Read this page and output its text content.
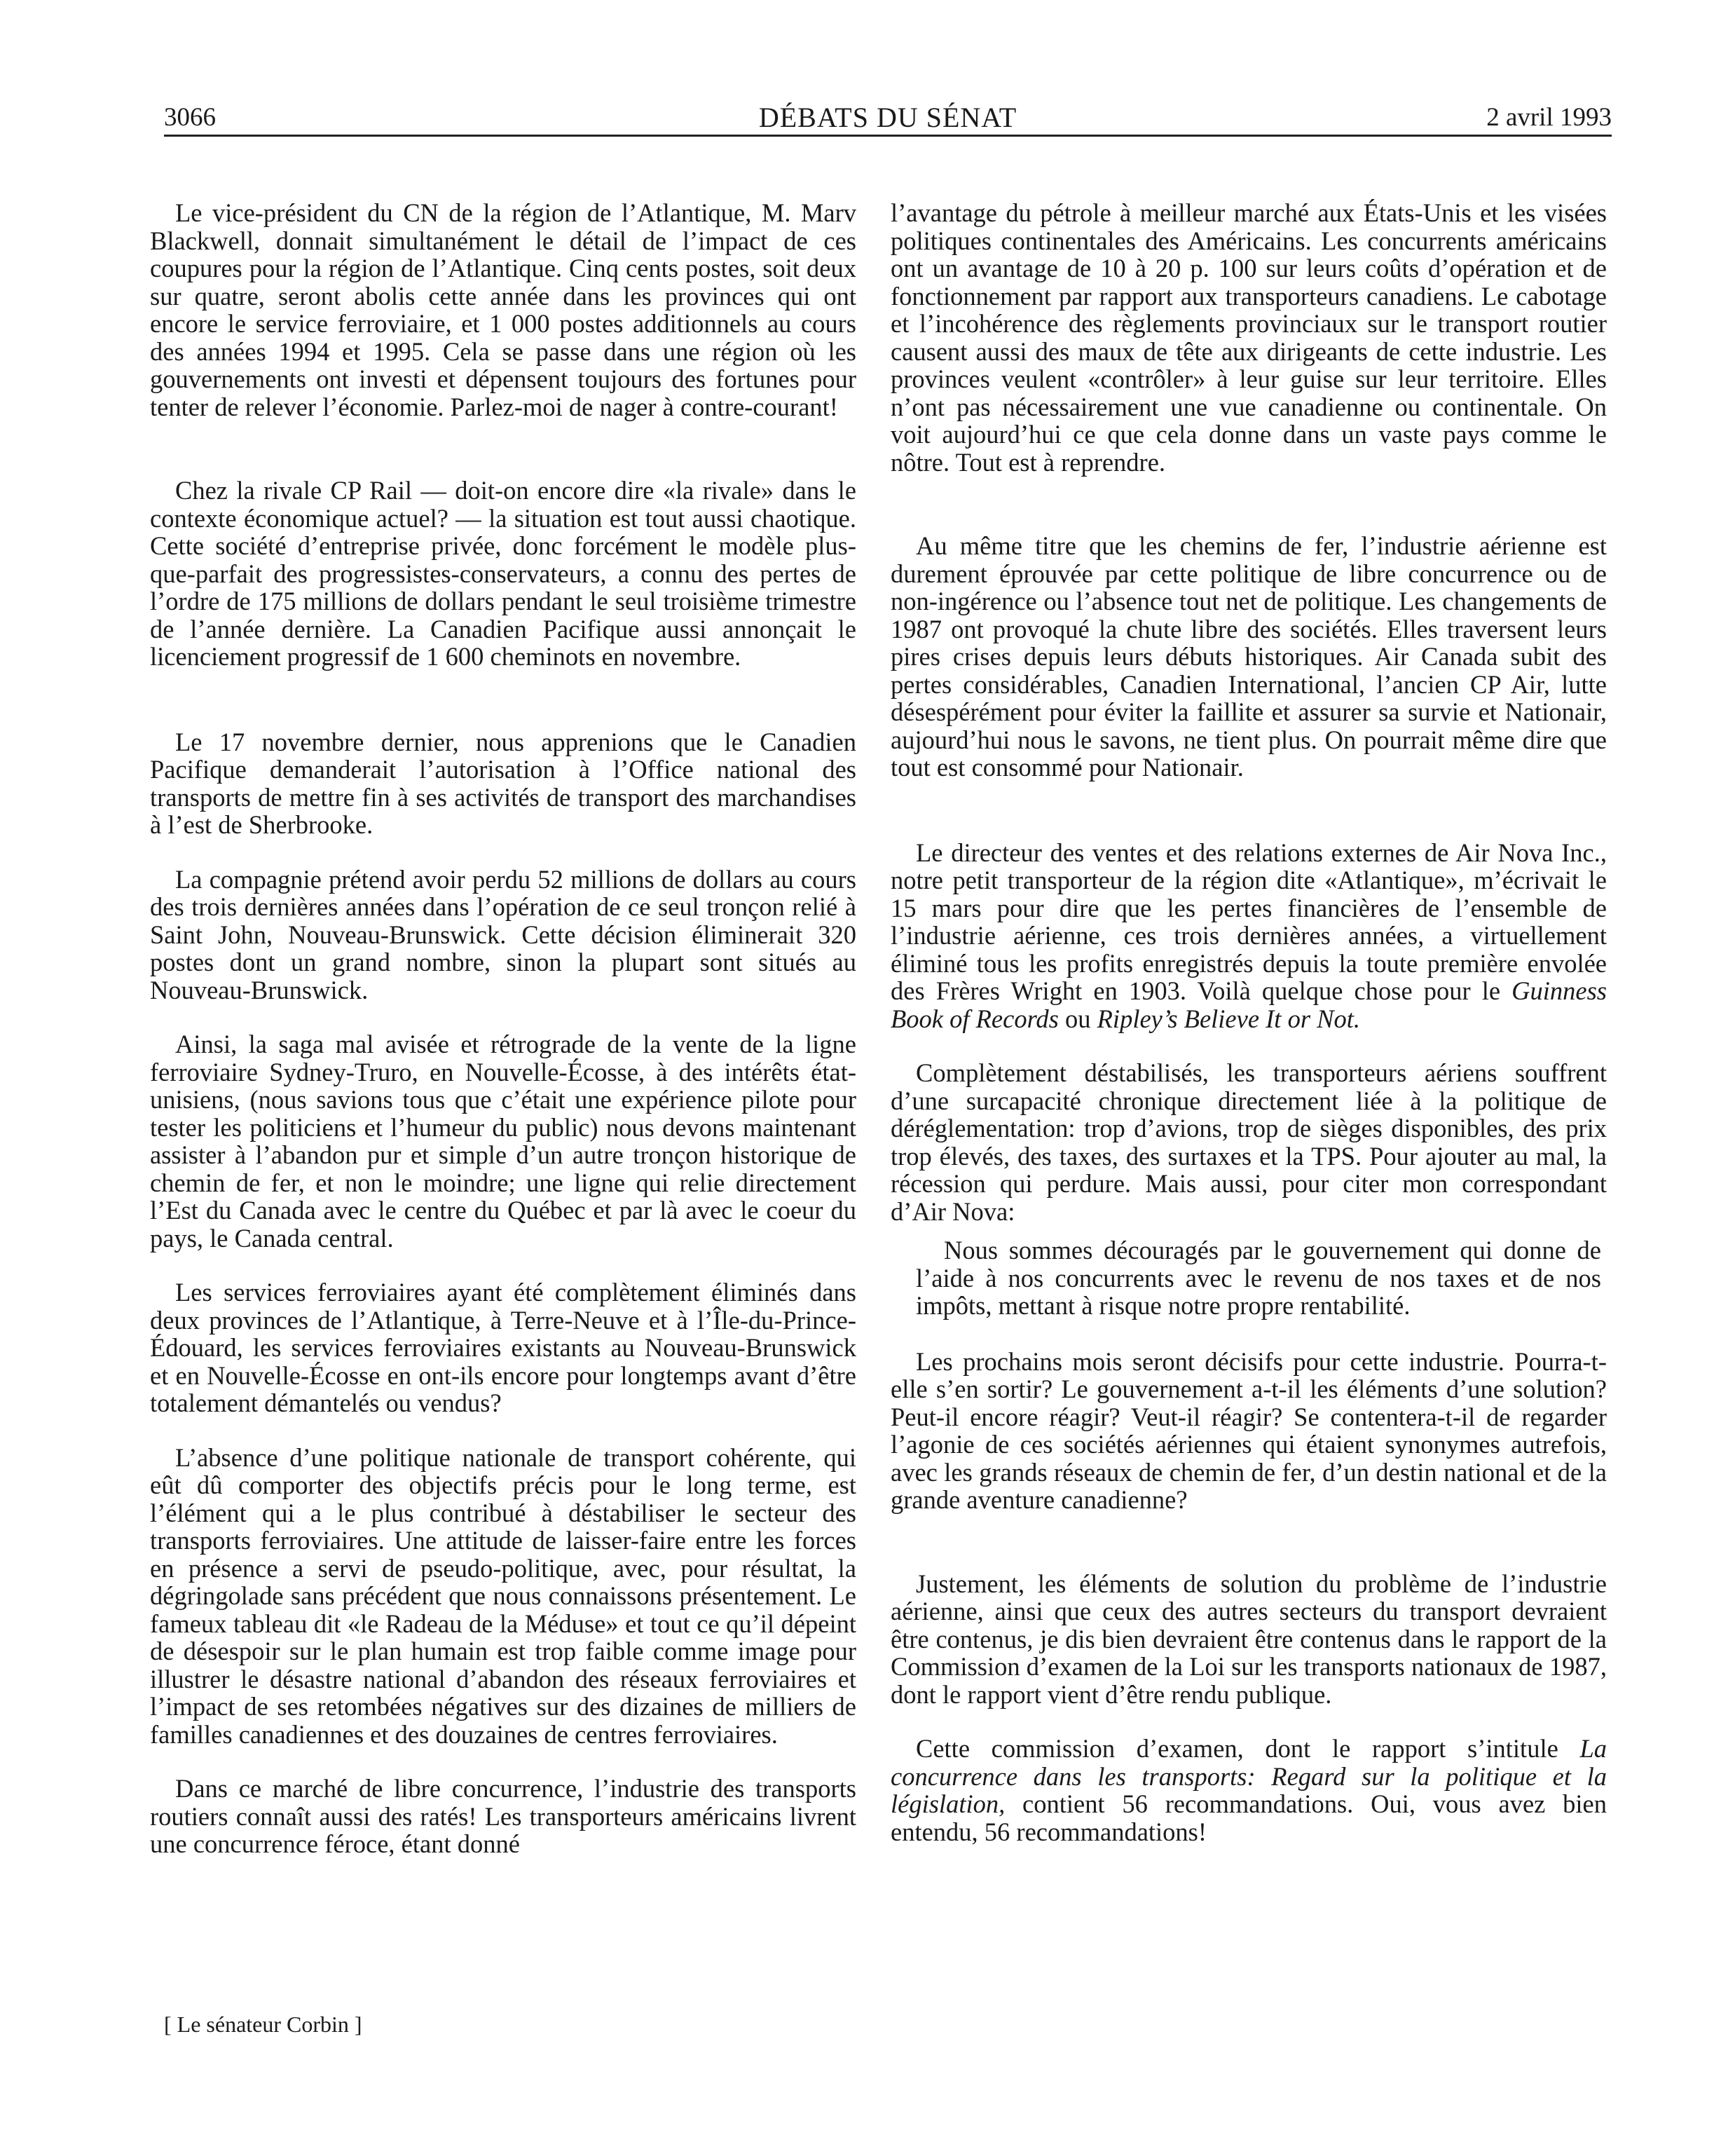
3066	DÉBATS DU SÉNAT	2 avril 1993

Le vice-président du CN de la région de l’Atlantique, M. Marv Blackwell, donnait simultanément le détail de l’impact de ces coupures pour la région de l’Atlantique. Cinq cents postes, soit deux sur quatre, seront abolis cette année dans les provinces qui ont encore le service ferroviaire, et 1 000 postes additionnels au cours des années 1994 et 1995. Cela se passe dans une région où les gouvernements ont investi et dépensent toujours des fortunes pour tenter de relever l’économie. Parlez-moi de nager à contre-courant!

Chez la rivale CP Rail — doit-on encore dire «la rivale» dans le contexte économique actuel? — la situation est tout aussi chaotique. Cette société d’entreprise privée, donc forcément le modèle plus-que-parfait des progressistes-conservateurs, a connu des pertes de l’ordre de 175 millions de dollars pendant le seul troisième trimestre de l’année dernière. La Canadien Pacifique aussi annonçait le licenciement progressif de 1 600 cheminots en novembre.

Le 17 novembre dernier, nous apprenions que le Canadien Pacifique demanderait l’autorisation à l’Office national des transports de mettre fin à ses activités de transport des marchandises à l’est de Sherbrooke.

La compagnie prétend avoir perdu 52 millions de dollars au cours des trois dernières années dans l’opération de ce seul tronçon relié à Saint John, Nouveau-Brunswick. Cette décision éliminerait 320 postes dont un grand nombre, sinon la plupart sont situés au Nouveau-Brunswick.

Ainsi, la saga mal avisée et rétrograde de la vente de la ligne ferroviaire Sydney-Truro, en Nouvelle-Écosse, à des intérêts état-unisiens, (nous savions tous que c’était une expérience pilote pour tester les politiciens et l’humeur du public) nous devons maintenant assister à l’abandon pur et simple d’un autre tronçon historique de chemin de fer, et non le moindre; une ligne qui relie directement l’Est du Canada avec le centre du Québec et par là avec le coeur du pays, le Canada central.

Les services ferroviaires ayant été complètement éliminés dans deux provinces de l’Atlantique, à Terre-Neuve et à l’Île-du-Prince-Édouard, les services ferroviaires existants au Nouveau-Brunswick et en Nouvelle-Écosse en ont-ils encore pour longtemps avant d’être totalement démantelés ou vendus?

L’absence d’une politique nationale de transport cohérente, qui eût dû comporter des objectifs précis pour le long terme, est l’élément qui a le plus contribué à déstabiliser le secteur des transports ferroviaires. Une attitude de laisser-faire entre les forces en présence a servi de pseudo-politique, avec, pour résultat, la dégringolade sans précédent que nous connaissons présentement. Le fameux tableau dit «le Radeau de la Méduse» et tout ce qu’il dépeint de désespoir sur le plan humain est trop faible comme image pour illustrer le désastre national d’abandon des réseaux ferroviaires et l’impact de ses retombées négatives sur des dizaines de milliers de familles canadiennes et des douzaines de centres ferroviaires.

Dans ce marché de libre concurrence, l’industrie des transports routiers connaît aussi des ratés! Les transporteurs américains livrent une concurrence féroce, étant donné

l’avantage du pétrole à meilleur marché aux États-Unis et les visées politiques continentales des Américains. Les concurrents américains ont un avantage de 10 à 20 p. 100 sur leurs coûts d’opération et de fonctionnement par rapport aux transporteurs canadiens. Le cabotage et l’incohérence des règlements provinciaux sur le transport routier causent aussi des maux de tête aux dirigeants de cette industrie. Les provinces veulent «contrôler» à leur guise sur leur territoire. Elles n’ont pas nécessairement une vue canadienne ou continentale. On voit aujourd’hui ce que cela donne dans un vaste pays comme le nôtre. Tout est à reprendre.

Au même titre que les chemins de fer, l’industrie aérienne est durement éprouvée par cette politique de libre concurrence ou de non-ingérence ou l’absence tout net de politique. Les changements de 1987 ont provoqué la chute libre des sociétés. Elles traversent leurs pires crises depuis leurs débuts historiques. Air Canada subit des pertes considérables, Canadien International, l’ancien CP Air, lutte désespérément pour éviter la faillite et assurer sa survie et Nationair, aujourd’hui nous le savons, ne tient plus. On pourrait même dire que tout est consommé pour Nationair.

Le directeur des ventes et des relations externes de Air Nova Inc., notre petit transporteur de la région dite «Atlantique», m’écrivait le 15 mars pour dire que les pertes financières de l’ensemble de l’industrie aérienne, ces trois dernières années, a virtuellement éliminé tous les profits enregistrés depuis la toute première envolée des Frères Wright en 1903. Voilà quelque chose pour le Guinness Book of Records ou Ripley’s Believe It or Not.

Complètement déstabilisés, les transporteurs aériens souffrent d’une surcapacité chronique directement liée à la politique de déréglementation: trop d’avions, trop de sièges disponibles, des prix trop élevés, des taxes, des surtaxes et la TPS. Pour ajouter au mal, la récession qui perdure. Mais aussi, pour citer mon correspondant d’Air Nova:

Nous sommes découragés par le gouvernement qui donne de l’aide à nos concurrents avec le revenu de nos taxes et de nos impôts, mettant à risque notre propre rentabilité.

Les prochains mois seront décisifs pour cette industrie. Pourra-t-elle s’en sortir? Le gouvernement a-t-il les éléments d’une solution? Peut-il encore réagir? Veut-il réagir? Se contentera-t-il de regarder l’agonie de ces sociétés aériennes qui étaient synonymes autrefois, avec les grands réseaux de chemin de fer, d’un destin national et de la grande aventure canadienne?

Justement, les éléments de solution du problème de l’industrie aérienne, ainsi que ceux des autres secteurs du transport devraient être contenus, je dis bien devraient être contenus dans le rapport de la Commission d’examen de la Loi sur les transports nationaux de 1987, dont le rapport vient d’être rendu publique.

Cette commission d’examen, dont le rapport s’intitule La concurrence dans les transports: Regard sur la politique et la législation, contient 56 recommandations. Oui, vous avez bien entendu, 56 recommandations!

[ Le sénateur Corbin ]
